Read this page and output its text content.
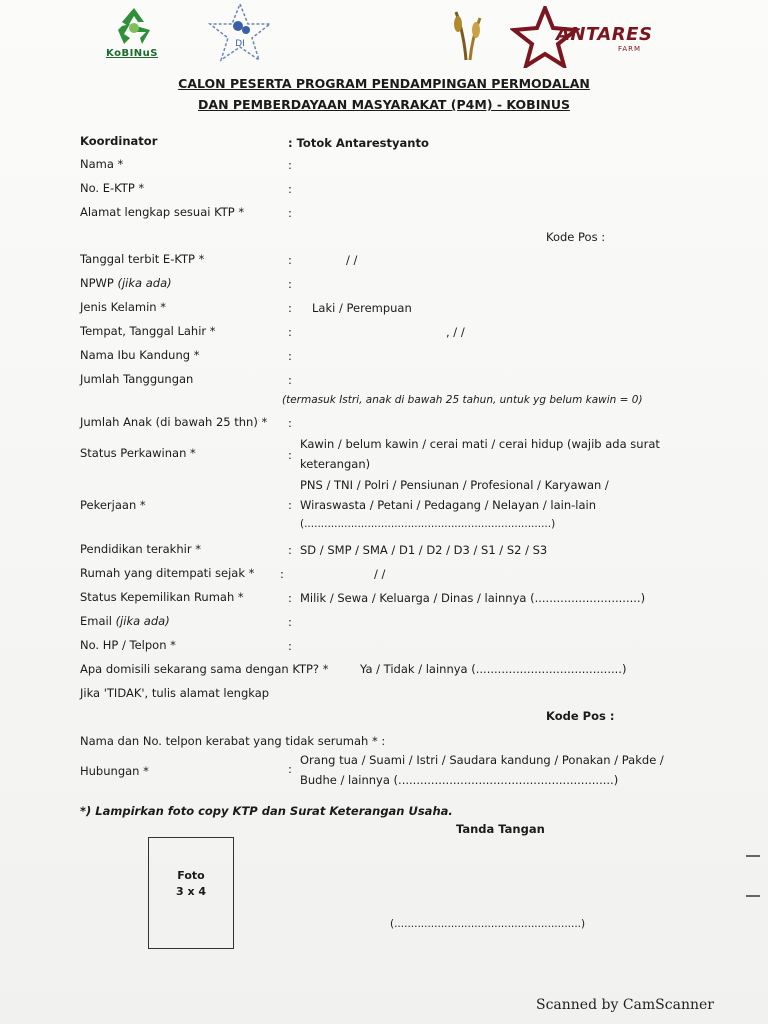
KoBINuS
DI	ANTARES
FARM
CALON PESERTA PROGRAM PENDAMPINGAN PERMODALAN
DAN PEMBERDAYAAN MASYARAKAT (P4M) - KOBINUS
Koordinator	: Totok Antarestyanto
Nama *	:
No. E-KTP *	:
Alamat lengkap sesuai KTP *	:
Kode Pos :
Tanggal terbit E-KTP *	:	/ /
NPWP (jika ada)	:
Jenis Kelamin *	: Laki / Perempuan
Tempat, Tanggal Lahir *	:	, / /
Nama Ibu Kandung *	:
Jumlah Tanggungan	:
(termasuk Istri, anak di bawah 25 tahun, untuk yg belum kawin = 0)
Jumlah Anak (di bawah 25 thn) * :
Status Perkawinan *	:
Kawin / belum kawin / cerai mati / cerai hidup (wajib ada surat
keterangan)
Pekerjaan *	:
PNS / TNI / Polri / Pensiunan / Profesional / Karyawan /
Wiraswasta / Petani / Pedagang / Nelayan / lain-lain
(..........................................................................)
Pendidikan terakhir *	: SD / SMP / SMA / D1 / D2 / D3 / S1 / S2 / S3
Rumah yang ditempati sejak * :	/ /
Status Kepemilikan Rumah *	: Milik / Sewa / Keluarga / Dinas / lainnya (.............................)
Email (jika ada)	:
No. HP / Telpon *	:
Apa domisili sekarang sama dengan KTP? *	Ya / Tidak / lainnya (........................................)
Jika 'TIDAK', tulis alamat lengkap
Kode Pos :
Nama dan No. telpon kerabat yang tidak serumah * :
Hubungan *	:
Orang tua / Suami / Istri / Saudara kandung / Ponakan / Pakde /
Budhe / lainnya (...........................................................)
*) Lampirkan foto copy KTP dan Surat Keterangan Usaha.
Tanda Tangan
Foto
3 x 4
(........................................................)
Scanned by CamScanner
